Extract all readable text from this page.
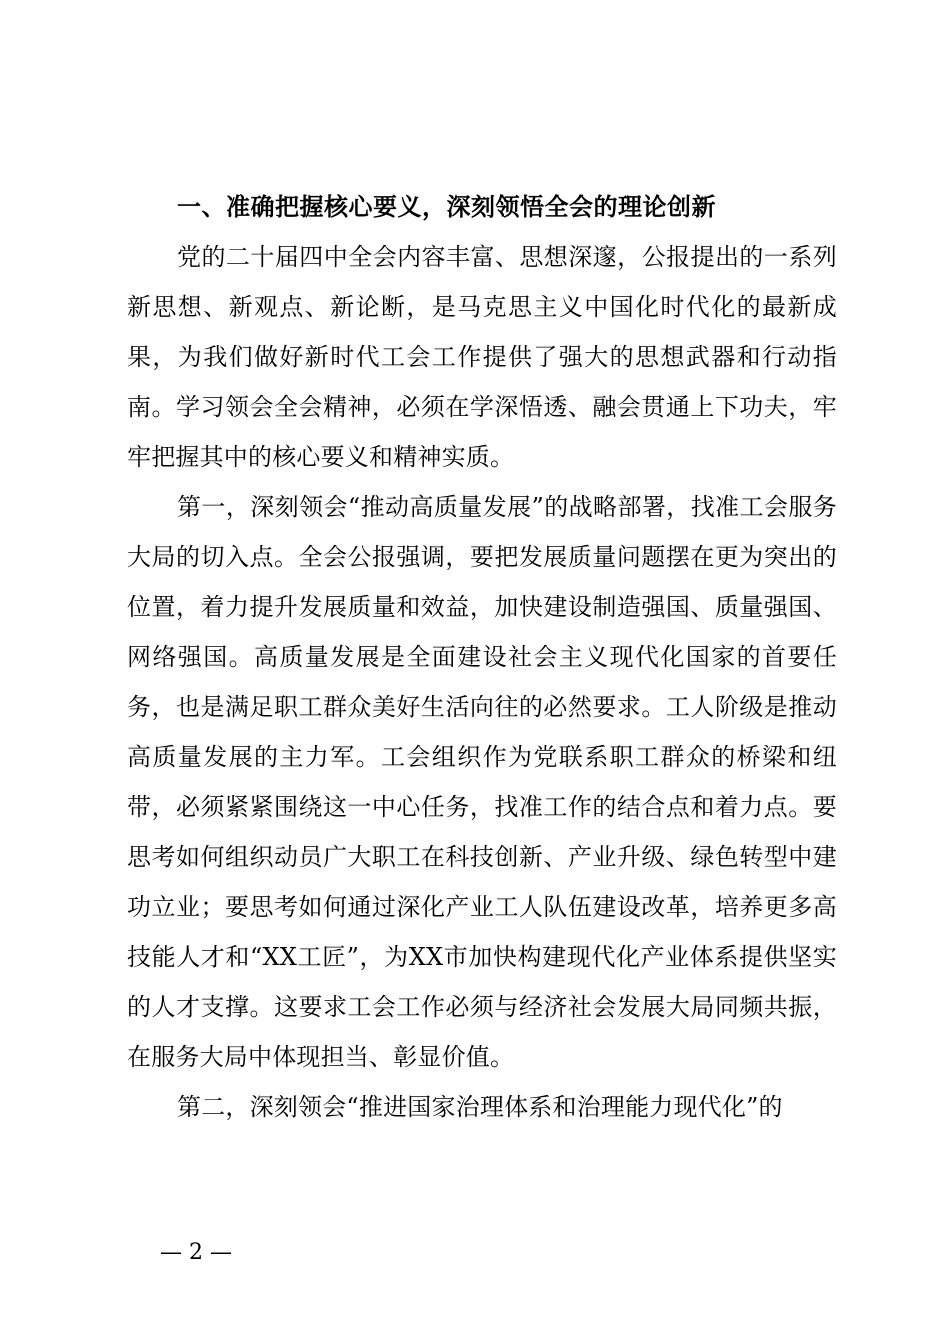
一、准确把握核心要义，深刻领悟全会的理论创新

党的二十届四中全会内容丰富、思想深邃，公报提出的一系列新思想、新观点、新论断，是马克思主义中国化时代化的最新成果，为我们做好新时代工会工作提供了强大的思想武器和行动指南。学习领会全会精神，必须在学深悟透、融会贯通上下功夫，牢牢把握其中的核心要义和精神实质。

第一，深刻领会“推动高质量发展”的战略部署，找准工会服务大局的切入点。全会公报强调，要把发展质量问题摆在更为突出的位置，着力提升发展质量和效益，加快建设制造强国、质量强国、网络强国。高质量发展是全面建设社会主义现代化国家的首要任务，也是满足职工群众美好生活向往的必然要求。工人阶级是推动高质量发展的主力军。工会组织作为党联系职工群众的桥梁和纽带，必须紧紧围绕这一中心任务，找准工作的结合点和着力点。要思考如何组织动员广大职工在科技创新、产业升级、绿色转型中建功立业；要思考如何通过深化产业工人队伍建设改革，培养更多高技能人才和“XX工匠”，为XX市加快构建现代化产业体系提供坚实的人才支撑。这要求工会工作必须与经济社会发展大局同频共振，在服务大局中体现担当、彰显价值。

第二，深刻领会“推进国家治理体系和治理能力现代化”的

— 2 —
